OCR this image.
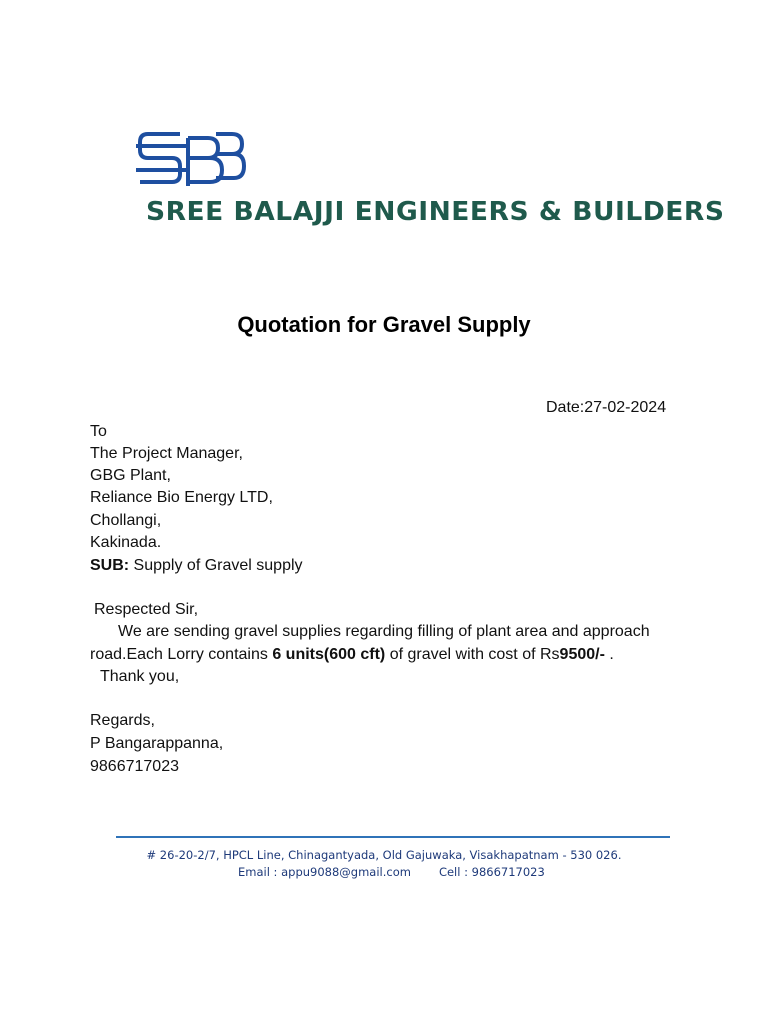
SREE BALAJJI ENGINEERS & BUILDERS
Quotation for Gravel Supply
Date:27-02-2024
To
The Project Manager,
GBG Plant,
Reliance Bio Energy LTD,
Chollangi,
Kakinada.
SUB: Supply of Gravel supply
Respected Sir,
We are sending gravel supplies regarding filling of plant area and approach
road.Each Lorry contains 6 units(600 cft) of gravel with cost of Rs9500/- .
Thank you,
Regards,
P Bangarappanna,
9866717023
# 26-20-2/7, HPCL Line, Chinagantyada, Old Gajuwaka, Visakhapatnam - 530 026.
Email : appu9088@gmail.com Cell : 9866717023
